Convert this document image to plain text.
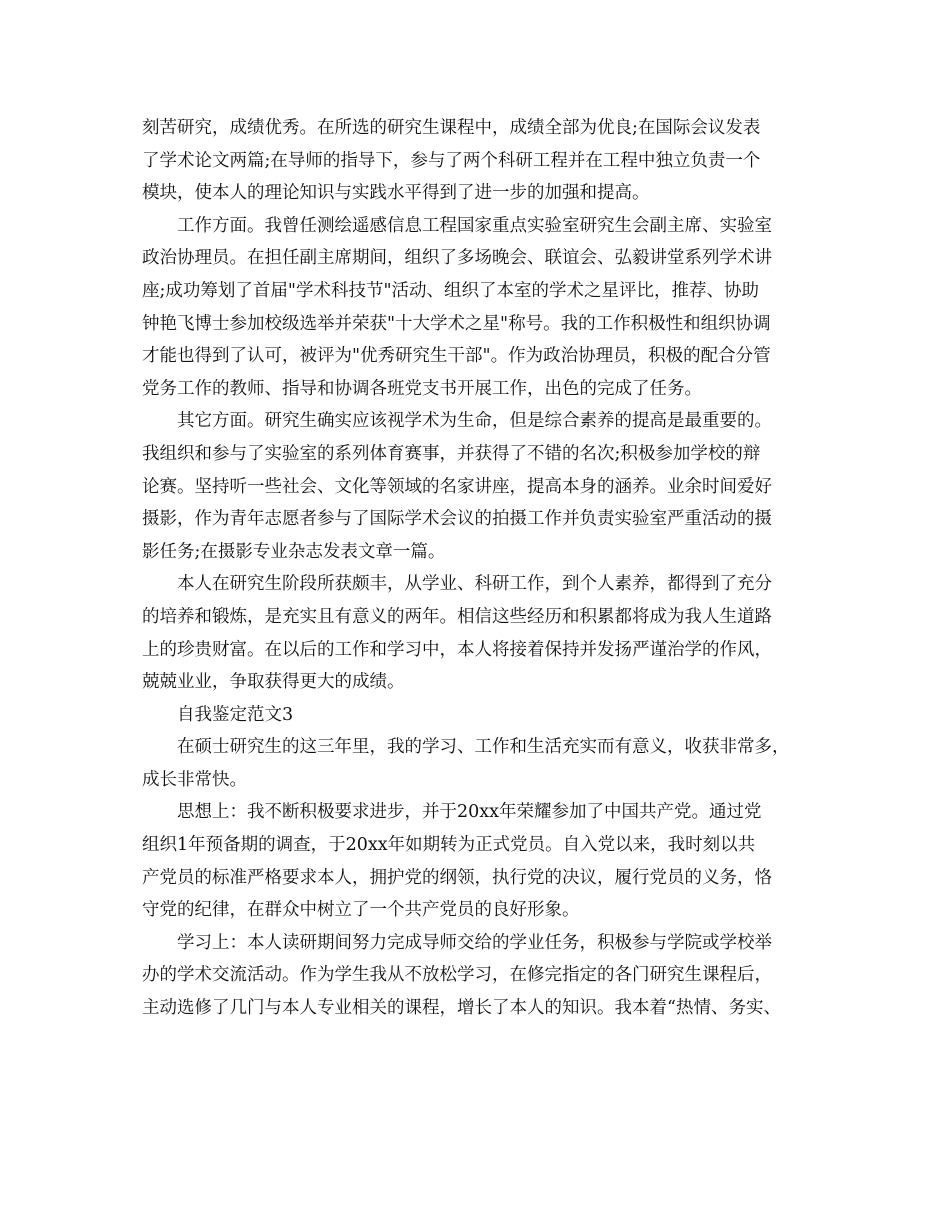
刻苦研究，成绩优秀。在所选的研究生课程中，成绩全部为优良;在国际会议发表
了学术论文两篇;在导师的指导下，参与了两个科研工程并在工程中独立负责一个
模块，使本人的理论知识与实践水平得到了进一步的加强和提高。
工作方面。我曾任测绘遥感信息工程国家重点实验室研究生会副主席、实验室
政治协理员。在担任副主席期间，组织了多场晚会、联谊会、弘毅讲堂系列学术讲
座;成功筹划了首届"学术科技节"活动、组织了本室的学术之星评比，推荐、协助
钟艳飞博士参加校级选举并荣获"十大学术之星"称号。我的工作积极性和组织协调
才能也得到了认可，被评为"优秀研究生干部"。作为政治协理员，积极的配合分管
党务工作的教师、指导和协调各班党支书开展工作，出色的完成了任务。
其它方面。研究生确实应该视学术为生命，但是综合素养的提高是最重要的。
我组织和参与了实验室的系列体育赛事，并获得了不错的名次;积极参加学校的辩
论赛。坚持听一些社会、文化等领域的名家讲座，提高本身的涵养。业余时间爱好
摄影，作为青年志愿者参与了国际学术会议的拍摄工作并负责实验室严重活动的摄
影任务;在摄影专业杂志发表文章一篇。
本人在研究生阶段所获颇丰，从学业、科研工作，到个人素养，都得到了充分
的培养和锻炼，是充实且有意义的两年。相信这些经历和积累都将成为我人生道路
上的珍贵财富。在以后的工作和学习中，本人将接着保持并发扬严谨治学的作风，
兢兢业业，争取获得更大的成绩。
自我鉴定范文3
在硕士研究生的这三年里，我的学习、工作和生活充实而有意义，收获非常多，
成长非常快。
思想上：我不断积极要求进步，并于20xx年荣耀参加了中国共产党。通过党
组织1年预备期的调查，于20xx年如期转为正式党员。自入党以来，我时刻以共
产党员的标准严格要求本人，拥护党的纲领，执行党的决议，履行党员的义务，恪
守党的纪律，在群众中树立了一个共产党员的良好形象。
学习上：本人读研期间努力完成导师交给的学业任务，积极参与学院或学校举
办的学术交流活动。作为学生我从不放松学习，在修完指定的各门研究生课程后，
主动选修了几门与本人专业相关的课程，增长了本人的知识。我本着“热情、务实、
